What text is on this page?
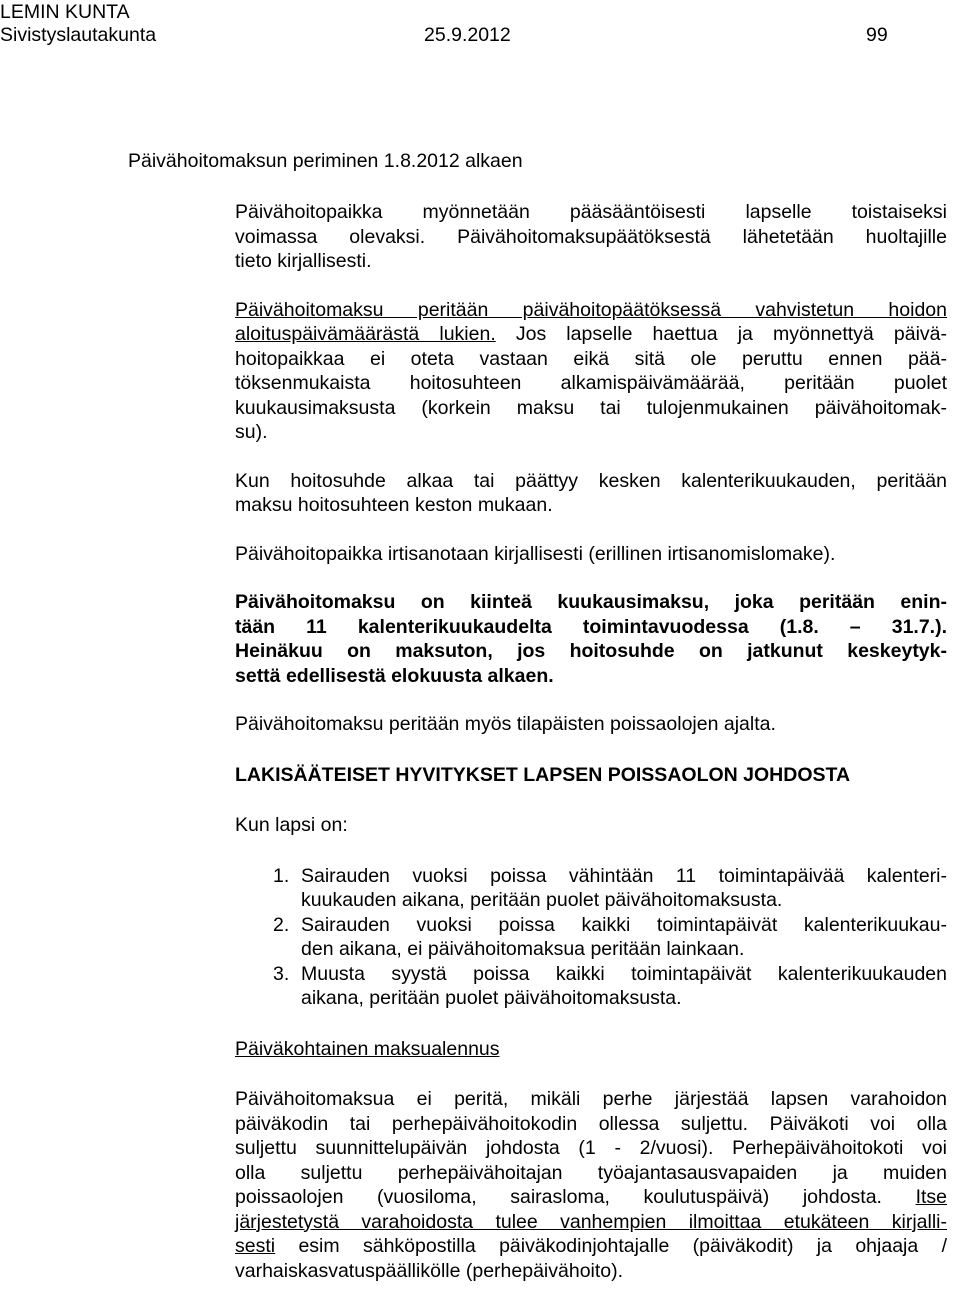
LEMIN KUNTA
Sivistyslautakunta	25.9.2012	99
Päivähoitomaksun periminen 1.8.2012 alkaen
Päivähoitopaikka myönnetään pääsääntöisesti lapselle toistaiseksi
voimassa olevaksi. Päivähoitomaksupäätöksestä lähetetään huoltajille
tieto kirjallisesti.
Päivähoitomaksu peritään päivähoitopäätöksessä vahvistetun hoidon
aloituspäivämäärästä lukien. Jos lapselle haettua ja myönnettyä päivä-
hoitopaikkaa ei oteta vastaan eikä sitä ole peruttu ennen pää-
töksenmukaista hoitosuhteen alkamispäivämäärää, peritään puolet
kuukausimaksusta (korkein maksu tai tulojenmukainen päivähoitomak-
su).
Kun hoitosuhde alkaa tai päättyy kesken kalenterikuukauden, peritään
maksu hoitosuhteen keston mukaan.
Päivähoitopaikka irtisanotaan kirjallisesti (erillinen irtisanomislomake).
Päivähoitomaksu on kiinteä kuukausimaksu, joka peritään enin-
tään 11 kalenterikuukaudelta toimintavuodessa (1.8. – 31.7.).
Heinäkuu on maksuton, jos hoitosuhde on jatkunut keskeytyk-
settä edellisestä elokuusta alkaen.
Päivähoitomaksu peritään myös tilapäisten poissaolojen ajalta.
LAKISÄÄTEISET HYVITYKSET LAPSEN POISSAOLON JOHDOSTA
Kun lapsi on:
1. Sairauden vuoksi poissa vähintään 11 toimintapäivää kalenteri-
kuukauden aikana, peritään puolet päivähoitomaksusta.
2. Sairauden vuoksi poissa kaikki toimintapäivät kalenterikuukau-
den aikana, ei päivähoitomaksua peritään lainkaan.
3. Muusta syystä poissa kaikki toimintapäivät kalenterikuukauden
aikana, peritään puolet päivähoitomaksusta.
Päiväkohtainen maksualennus
Päivähoitomaksua ei peritä, mikäli perhe järjestää lapsen varahoidon
päiväkodin tai perhepäivähoitokodin ollessa suljettu. Päiväkoti voi olla
suljettu suunnittelupäivän johdosta (1 - 2/vuosi). Perhepäivähoitokoti voi
olla suljettu perhepäivähoitajan työajantasausvapaiden ja muiden
poissaolojen (vuosiloma, sairasloma, koulutuspäivä) johdosta. Itse
järjestetystä varahoidosta tulee vanhempien ilmoittaa etukäteen kirjalli-
sesti esim sähköpostilla päiväkodinjohtajalle (päiväkodit) ja ohjaaja /
varhaiskasvatuspäällikölle (perhepäivähoito).
